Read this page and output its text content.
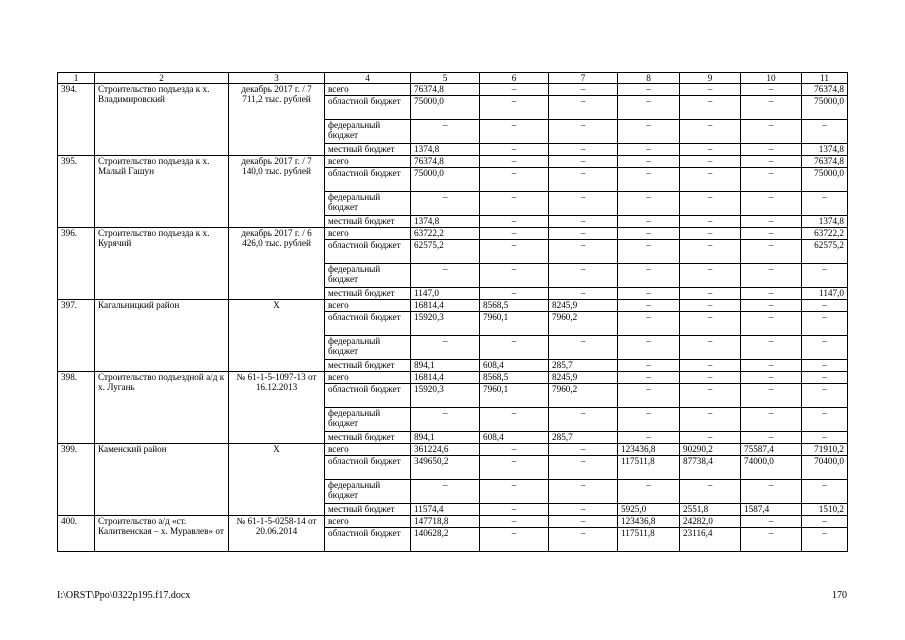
1	2	3	4	5	6	7	8	9	10	11
394.	Строительство подъезда к х. Владимировский	декабрь 2017 г. / 7 711,2 тыс. рублей	всего	76374,8	–	–	–	–	–	76374,8
			областной бюджет	75000,0	–	–	–	–	–	75000,0
			федеральный бюджет	–	–	–	–	–	–	–
			местный бюджет	1374,8	–	–	–	–	–	1374,8
395.	Строительство подъезда к х. Малый Гашун	декабрь 2017 г. / 7 140,0 тыс. рублей	всего	76374,8	–	–	–	–	–	76374,8
			областной бюджет	75000,0	–	–	–	–	–	75000,0
			федеральный бюджет	–	–	–	–	–	–	–
			местный бюджет	1374,8	–	–	–	–	–	1374,8
396.	Строительство подъезда к х. Курячий	декабрь 2017 г. / 6 426,0 тыс. рублей	всего	63722,2	–	–	–	–	–	63722,2
			областной бюджет	62575,2	–	–	–	–	–	62575,2
			федеральный бюджет	–	–	–	–	–	–	–
			местный бюджет	1147,0	–	–	–	–	–	1147,0
397.	Кагальницкий район	Х	всего	16814,4	8568,5	8245,9	–	–	–	–
			областной бюджет	15920,3	7960,1	7960,2	–	–	–	–
			федеральный бюджет	–	–	–	–	–	–	–
			местный бюджет	894,1	608,4	285,7	–	–	–	–
398.	Строительство подъездной а/д к х. Лугань	№ 61-1-5-1097-13 от 16.12.2013	всего	16814,4	8568,5	8245,9	–	–	–	–
			областной бюджет	15920,3	7960,1	7960,2	–	–	–	–
			федеральный бюджет	–	–	–	–	–	–	–
			местный бюджет	894,1	608,4	285,7	–	–	–	–
399.	Каменский район	Х	всего	361224,6	–	–	123436,8	90290,2	75587,4	71910,2
			областной бюджет	349650,2	–	–	117511,8	87738,4	74000,0	70400,0
			федеральный бюджет	–	–	–	–	–	–	–
			местный бюджет	11574,4	–	–	5925,0	2551,8	1587,4	1510,2
400.	Строительство а/д «ст. Калитвенская – х. Муравлев» от	№ 61-1-5-0258-14 от 20.06.2014	всего	147718,8	–	–	123436,8	24282,0	–	–
			областной бюджет	140628,2	–	–	117511,8	23116,4	–	–
I:\ORST\Ppo\0322p195.f17.docx	170
